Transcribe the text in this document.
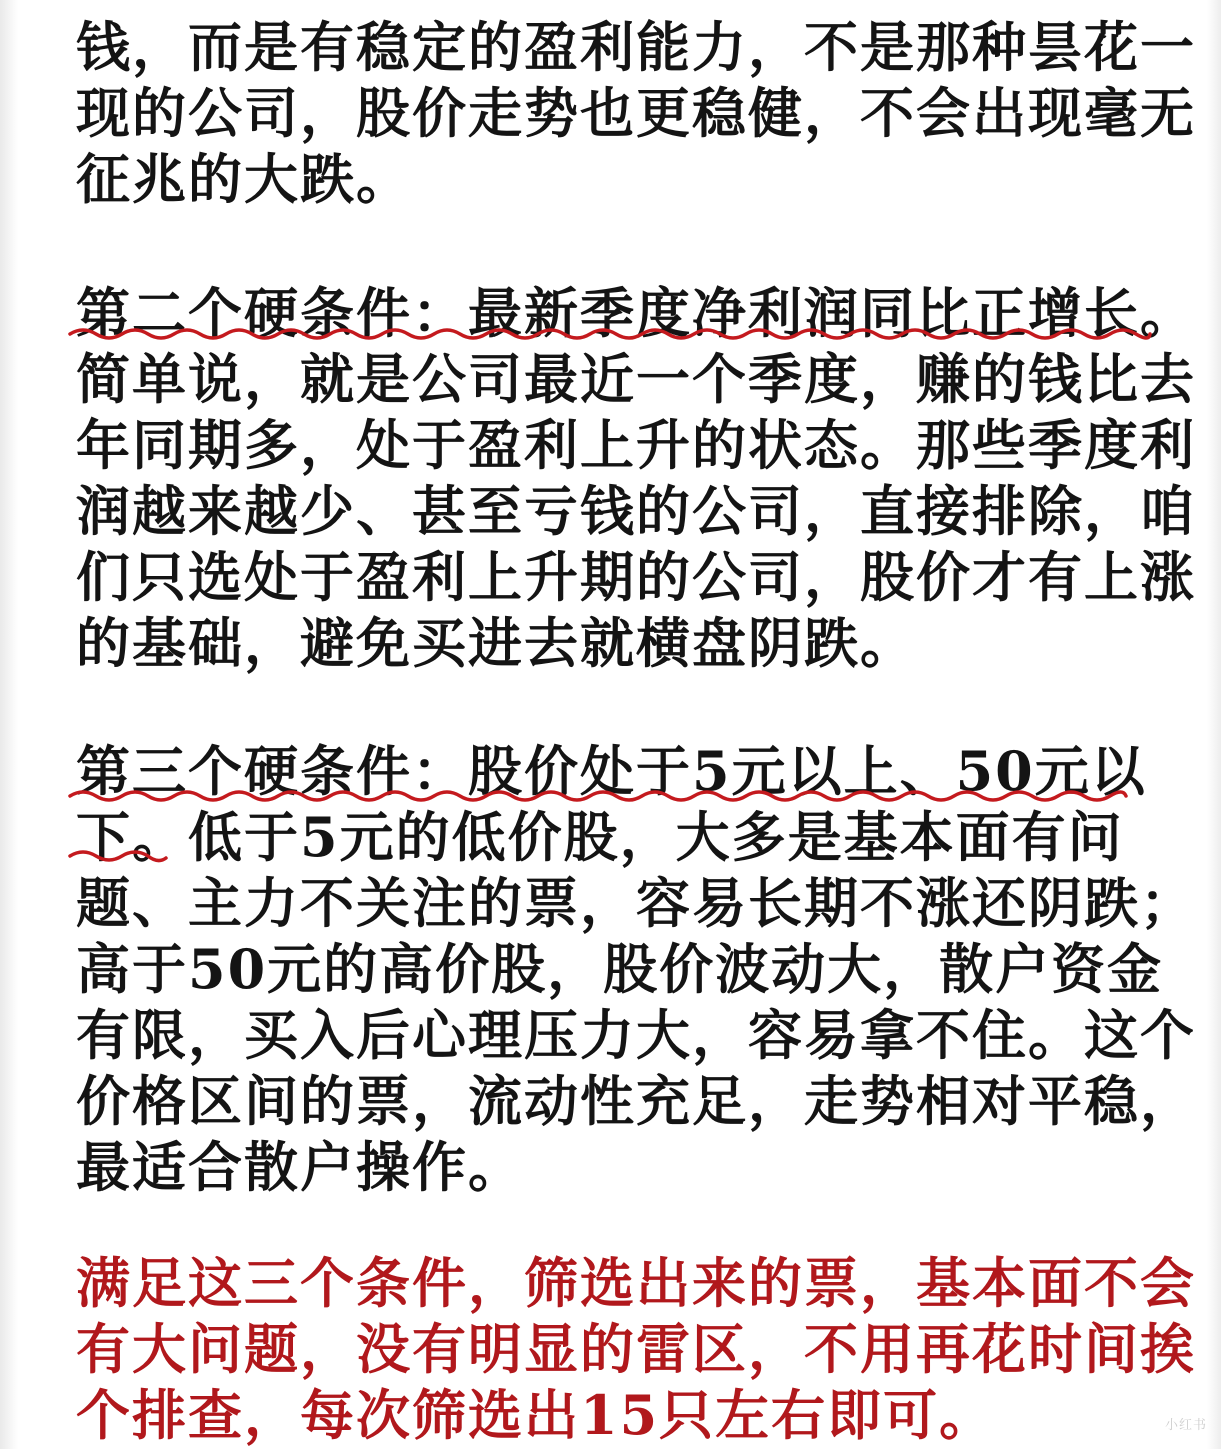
钱，而是有稳定的盈利能力，不是那种昙花一
现的公司，股价走势也更稳健，不会出现毫无
征兆的大跌。
第二个硬条件：最新季度净利润同比正增长。
简单说，就是公司最近一个季度，赚的钱比去
年同期多，处于盈利上升的状态。那些季度利
润越来越少、甚至亏钱的公司，直接排除，咱
们只选处于盈利上升期的公司，股价才有上涨
的基础，避免买进去就横盘阴跌。
第三个硬条件：股价处于5元以上、50元以
下。低于5元的低价股，大多是基本面有问
题、主力不关注的票，容易长期不涨还阴跌；
高于50元的高价股，股价波动大，散户资金
有限，买入后心理压力大，容易拿不住。这个
价格区间的票，流动性充足，走势相对平稳，
最适合散户操作。
满足这三个条件，筛选出来的票，基本面不会
有大问题，没有明显的雷区，不用再花时间挨
个排查，每次筛选出15只左右即可。	小红书
